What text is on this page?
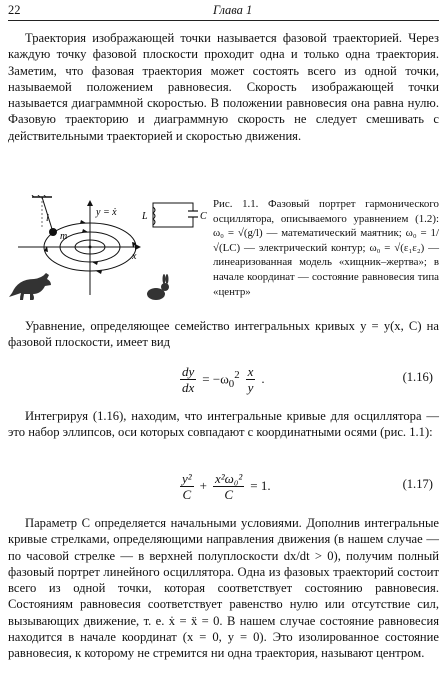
22	Глава 1

Траектория изображающей точки называется фазовой траекторией. Через каждую точку фазовой плоскости проходит одна и только одна траектория. Заметим, что фазовая траектория может состоять всего из одной точки, называемой положением равновесия. Скорость изображающей точки называется диаграммной скоростью. В положении равновесия она равна нулю. Фазовую траекторию и диаграммную скорость не следует смешивать с действительными траекторией и скоростью движения.

l
m
y = ẋ
x
L	C

Рис. 1.1. Фазовый портрет гармонического осциллятора, описываемого уравнением (1.2): ω₀ = √(g/l) — математический маятник; ω₀ = 1/√(LC) — электрический контур; ω₀ = √(ε₁ε₂) — линеаризованная модель «хищник–жертва»; в начале координат — состояние равновесия типа «центр»

Уравнение, определяющее семейство интегральных кривых y = y(x, C) на фазовой плоскости, имеет вид

$\frac{dy}{dx} = -\omega_0^2 \frac{x}{y}$ .	(1.16)

Интегрируя (1.16), находим, что интегральные кривые для осциллятора — это набор эллипсов, оси которых совпадают с координатными осями (рис. 1.1):

$\frac{\text{y²}}{C} + \frac{\text{x²ω₀²}}{C} = 1$.	(1.17)

Параметр C определяется начальными условиями. Дополнив интегральные кривые стрелками, определяющими направления движения (в нашем случае — по часовой стрелке — в верхней полуплоскости dx/dt > 0), получим полный фазовый портрет линейного осциллятора. Одна из фазовых траекторий состоит всего из одной точки, которая соответствует состоянию равновесия. Состояниям равновесия соответствует равенство нулю или отсутствие сил, вызывающих движение, т. е. ẋ = ẍ = 0. В нашем случае состояние равновесия находится в начале координат (x = 0, y = 0). Это изолированное состояние равновесия, к которому не стремится ни одна траектория, называют центром.
